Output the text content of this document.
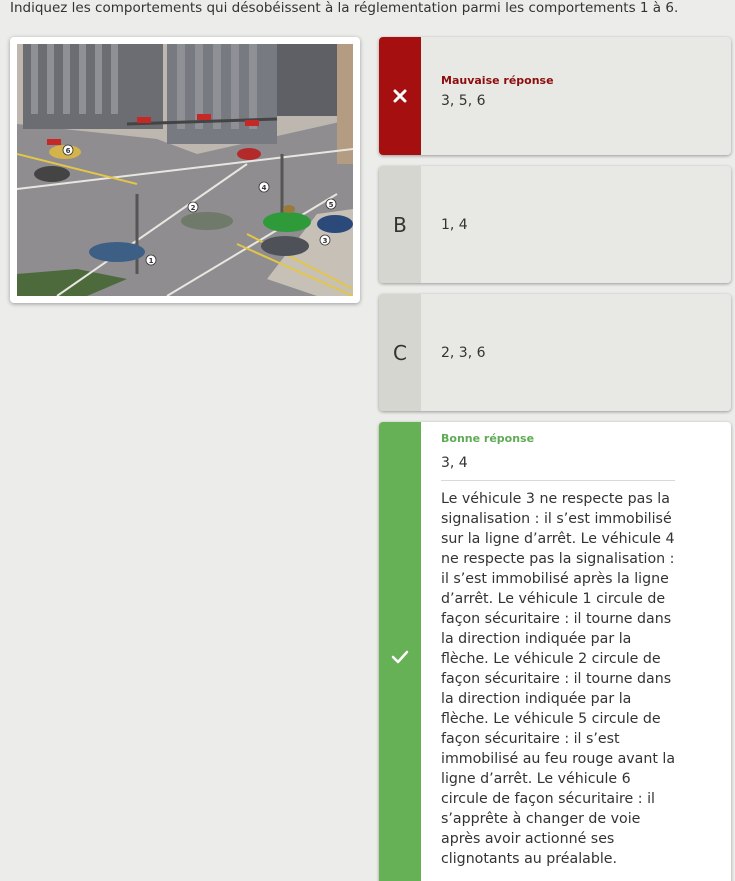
Indiquez les comportements qui désobéissent à la réglementation parmi les comportements 1 à 6.
1
2
3
4
5
6
Mauvaise réponse
3, 5, 6
B	1, 4
C	2, 3, 6
Bonne réponse
3, 4
Le véhicule 3 ne respecte pas la signalisation : il s’est immobilisé sur la ligne d’arrêt. Le véhicule 4 ne respecte pas la signalisation : il s’est immobilisé après la ligne d’arrêt. Le véhicule 1 circule de façon sécuritaire : il tourne dans la direction indiquée par la flèche. Le véhicule 2 circule de façon sécuritaire : il tourne dans la direction indiquée par la flèche. Le véhicule 5 circule de façon sécuritaire : il s’est immobilisé au feu rouge avant la ligne d’arrêt. Le véhicule 6 circule de façon sécuritaire : il s’apprête à changer de voie après avoir actionné ses clignotants au préalable.
